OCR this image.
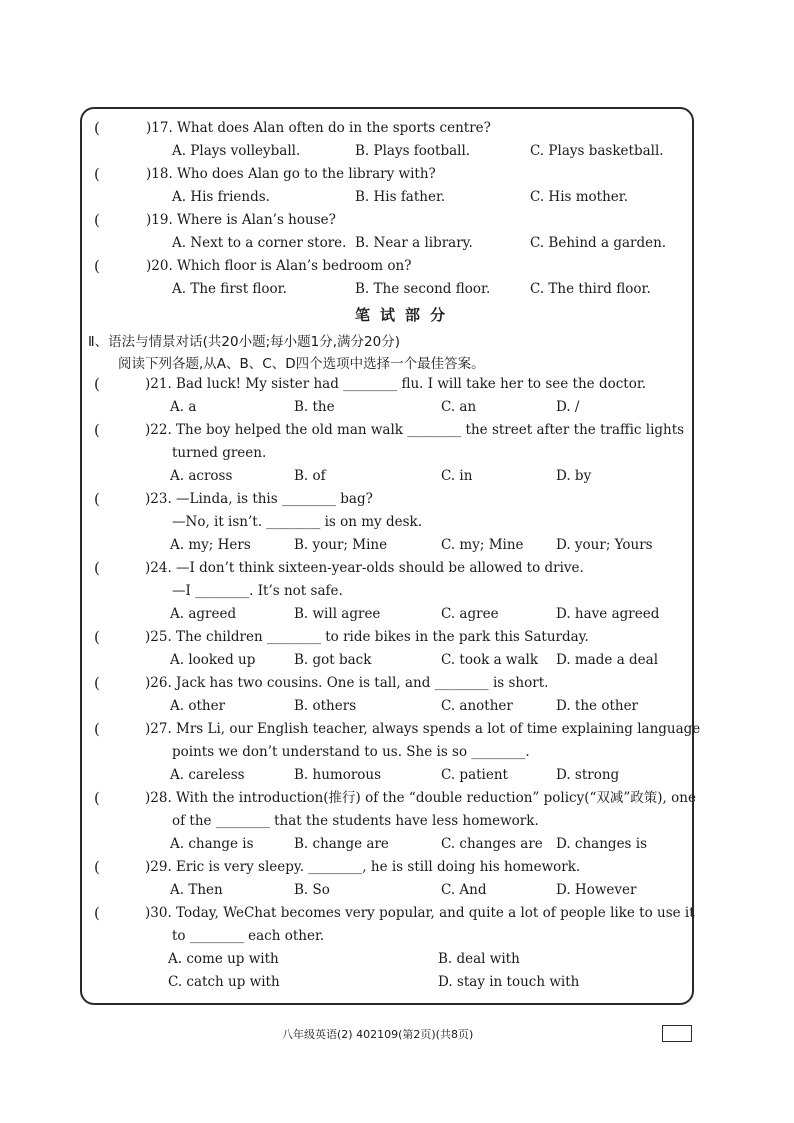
(	)17. What does Alan often do in the sports centre?
A. Plays volleyball.	B. Plays football.	C. Plays basketball.
(	)18. Who does Alan go to the library with?
A. His friends.	B. His father.	C. His mother.
(	)19. Where is Alan’s house?
A. Next to a corner store. B. Near a library.	C. Behind a garden.
(	)20. Which floor is Alan’s bedroom on?
A. The first floor.	B. The second floor.	C. The third floor.
笔试部分
Ⅱ、语法与情景对话(共20小题;每小题1分,满分20分)
阅读下列各题,从A、B、C、D四个选项中选择一个最佳答案。
(	)21. Bad luck! My sister had ________ flu. I will take her to see the doctor.
A. a	B. the	C. an	D. /
(	)22. The boy helped the old man walk ________ the street after the traffic lights
turned green.
A. across	B. of	C. in	D. by
(	)23. —Linda, is this ________ bag?
—No, it isn’t. ________ is on my desk.
A. my; Hers	B. your; Mine	C. my; Mine D. your; Yours
(	)24. —I don’t think sixteen-year-olds should be allowed to drive.
—I ________. It’s not safe.
A. agreed	B. will agree	C. agree	D. have agreed
(	)25. The children ________ to ride bikes in the park this Saturday.
A. looked up	B. got back	C. took a walk D. made a deal
(	)26. Jack has two cousins. One is tall, and ________ is short.
A. other	B. others	C. another	D. the other
(	)27. Mrs Li, our English teacher, always spends a lot of time explaining language
points we don’t understand to us. She is so ________.
A. careless	B. humorous	C. patient	D. strong
(	)28. With the introduction(推行) of the “double reduction” policy(“双减”政策), one
of the ________ that the students have less homework.
A. change is	B. change are	C. changes are D. changes is
(	)29. Eric is very sleepy. ________, he is still doing his homework.
A. Then	B. So	C. And	D. However
(	)30. Today, WeChat becomes very popular, and quite a lot of people like to use it
to ________ each other.
A. come up with	B. deal with
C. catch up with	D. stay in touch with
八年级英语(2) 402109(第2页)(共8页)
